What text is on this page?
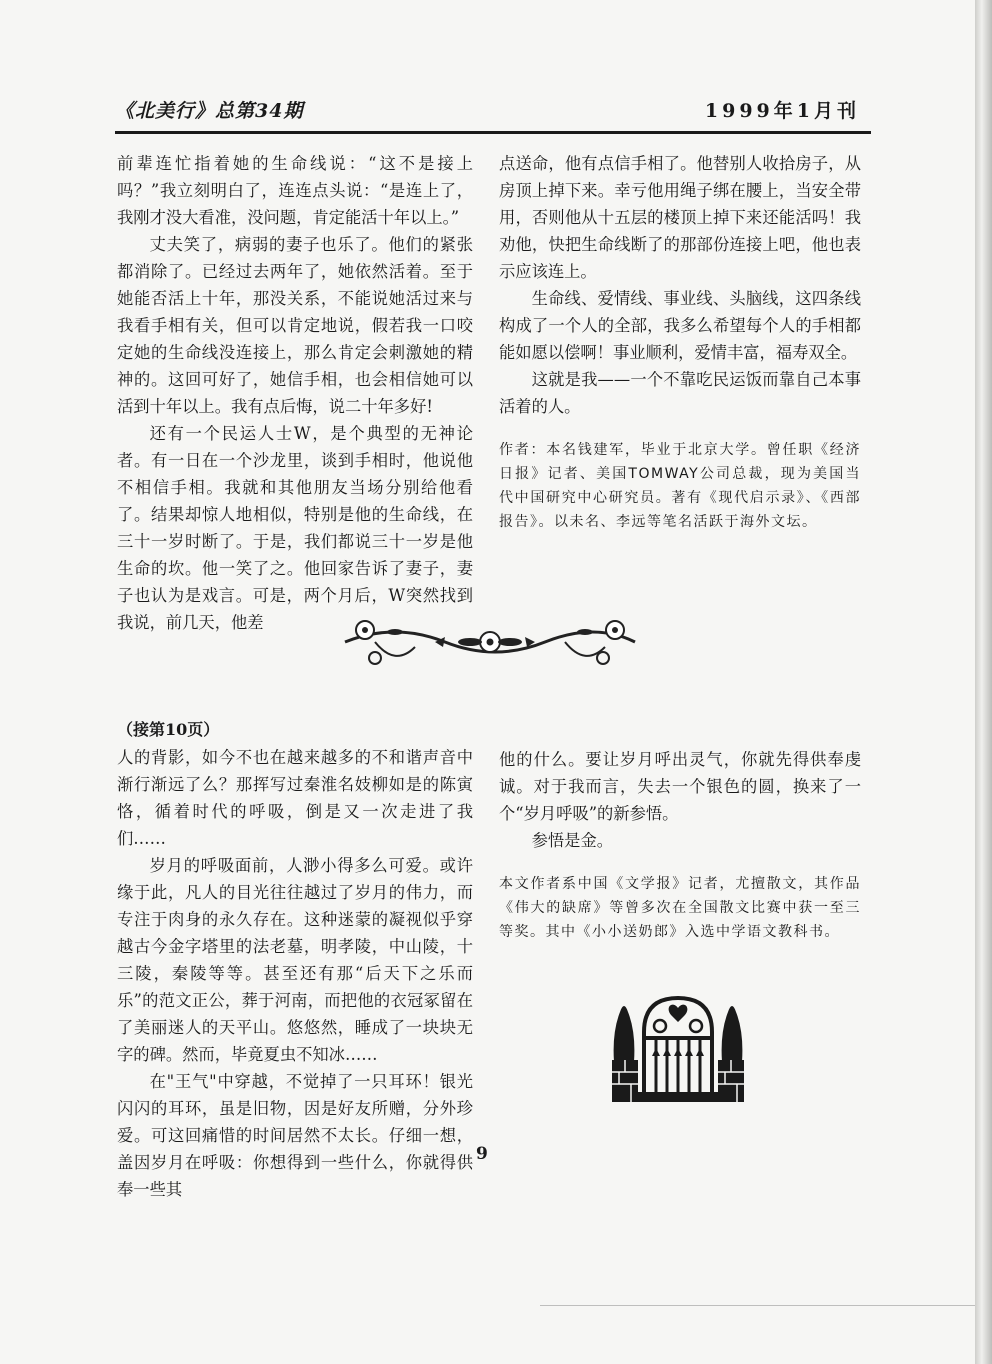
《北美行》总第34期	1999年1月刊

前辈连忙指着她的生命线说：“这不是接上吗？”我立刻明白了，连连点头说：“是连上了，我刚才没大看准，没问题，肯定能活十年以上。”

丈夫笑了，病弱的妻子也乐了。他们的紧张都消除了。已经过去两年了，她依然活着。至于她能否活上十年，那没关系，不能说她活过来与我看手相有关，但可以肯定地说，假若我一口咬定她的生命线没连接上，那么肯定会刺激她的精神的。这回可好了，她信手相，也会相信她可以活到十年以上。我有点后悔，说二十年多好!

还有一个民运人士W，是个典型的无神论者。有一日在一个沙龙里，谈到手相时，他说他不相信手相。我就和其他朋友当场分别给他看了。结果却惊人地相似，特别是他的生命线，在三十一岁时断了。于是，我们都说三十一岁是他生命的坎。他一笑了之。他回家告诉了妻子，妻子也认为是戏言。可是，两个月后，W突然找到我说，前几天，他差

点送命，他有点信手相了。他替别人收拾房子，从房顶上掉下来。幸亏他用绳子绑在腰上，当安全带用，否则他从十五层的楼顶上掉下来还能活吗！我劝他，快把生命线断了的那部份连接上吧，他也表示应该连上。

生命线、爱情线、事业线、头脑线，这四条线构成了一个人的全部，我多么希望每个人的手相都能如愿以偿啊！事业顺利，爱情丰富，福寿双全。

这就是我——一个不靠吃民运饭而靠自己本事活着的人。

作者：本名钱建军，毕业于北京大学。曾任职《经济日报》记者、美国TOMWAY公司总裁，现为美国当代中国研究中心研究员。著有《现代启示录》、《西部报告》。以未名、李远等笔名活跃于海外文坛。
（接第10页）

人的背影，如今不也在越来越多的不和谐声音中渐行渐远了么？那挥写过秦淮名妓柳如是的陈寅恪，循着时代的呼吸，倒是又一次走进了我们……

岁月的呼吸面前，人渺小得多么可爱。或许缘于此，凡人的目光往往越过了岁月的伟力，而专注于肉身的永久存在。这种迷蒙的凝视似乎穿越古今金字塔里的法老墓，明孝陵，中山陵，十三陵，秦陵等等。甚至还有那“后天下之乐而乐”的范文正公，葬于河南，而把他的衣冠冢留在了美丽迷人的天平山。悠悠然，睡成了一块块无字的碑。然而，毕竟夏虫不知冰……

在"王气"中穿越，不觉掉了一只耳环！银光闪闪的耳环，虽是旧物，因是好友所赠，分外珍爱。可这回痛惜的时间居然不太长。仔细一想，盖因岁月在呼吸：你想得到一些什么，你就得供奉一些其

他的什么。要让岁月呼出灵气，你就先得供奉虔诚。对于我而言，失去一个银色的圆，换来了一个“岁月呼吸”的新参悟。

参悟是金。

本文作者系中国《文学报》记者，尤擅散文，其作品《伟大的缺席》等曾多次在全国散文比赛中获一至三等奖。其中《小小送奶郎》入选中学语文教科书。
9
